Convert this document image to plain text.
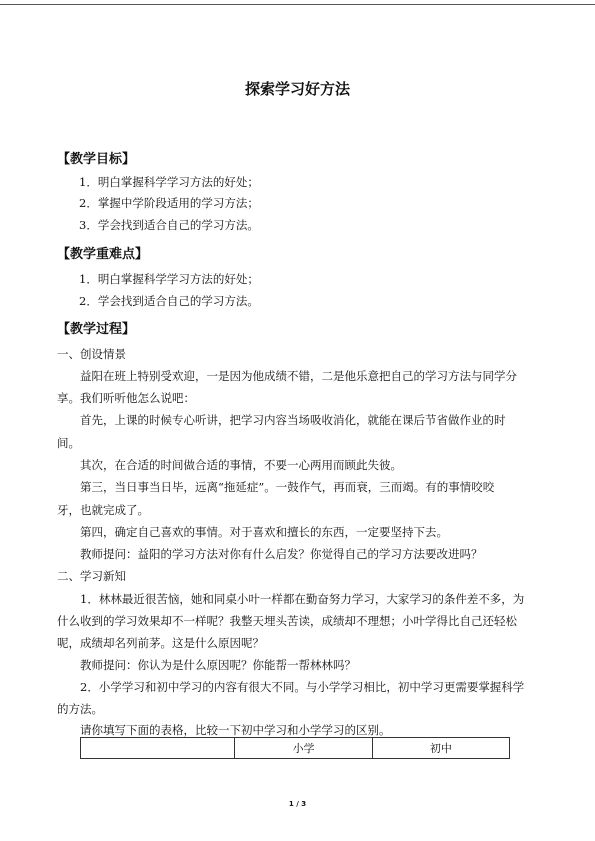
探索学习好方法
【教学目标】
1．明白掌握科学学习方法的好处；
2．掌握中学阶段适用的学习方法；
3．学会找到适合自己的学习方法。
【教学重难点】
1．明白掌握科学学习方法的好处；
2．学会找到适合自己的学习方法。
【教学过程】
一、创设情景
益阳在班上特别受欢迎，一是因为他成绩不错，二是他乐意把自己的学习方法与同学分
享。我们听听他怎么说吧：
首先，上课的时候专心听讲，把学习内容当场吸收消化，就能在课后节省做作业的时
间。
其次，在合适的时间做合适的事情，不要一心两用而顾此失彼。
第三，当日事当日毕，远离“拖延症”。一鼓作气，再而衰，三而竭。有的事情咬咬
牙，也就完成了。
第四，确定自己喜欢的事情。对于喜欢和擅长的东西，一定要坚持下去。
教师提问：益阳的学习方法对你有什么启发？你觉得自己的学习方法要改进吗？
二、学习新知
1．林林最近很苦恼，她和同桌小叶一样都在勤奋努力学习，大家学习的条件差不多，为
什么收到的学习效果却不一样呢？我整天埋头苦读，成绩却不理想；小叶学得比自己还轻松
呢，成绩却名列前茅。这是什么原因呢？
教师提问：你认为是什么原因呢？你能帮一帮林林吗？
2．小学学习和初中学习的内容有很大不同。与小学学习相比，初中学习更需要掌握科学
的方法。
请你填写下面的表格，比较一下初中学习和小学学习的区别。
	小学	初中
1 / 3
